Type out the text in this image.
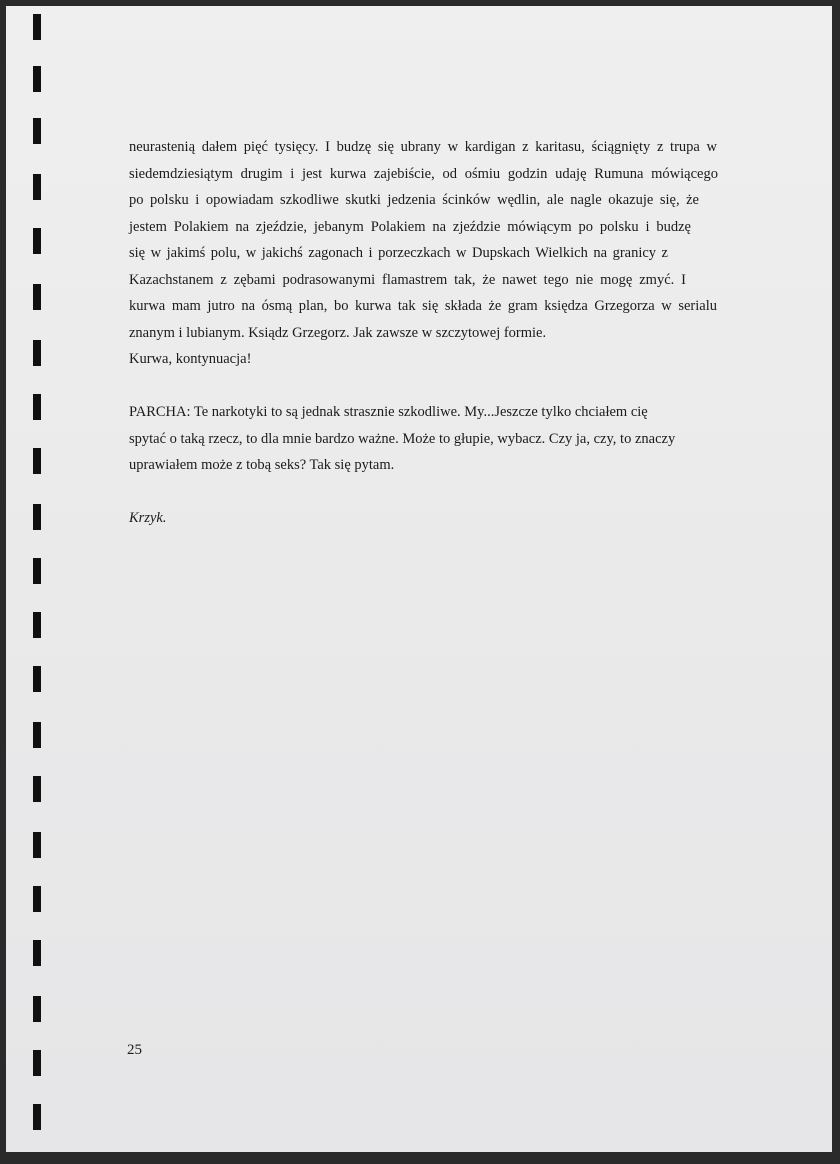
neurastenią dałem pięć tysięcy. I budzę się ubrany w kardigan z karitasu, ściągnięty z trupa w
siedemdziesiątym drugim i jest kurwa zajebiście, od ośmiu godzin udaję Rumuna mówiącego
po polsku i opowiadam szkodliwe skutki jedzenia ścinków wędlin, ale nagle okazuje się, że
jestem Polakiem na zjeździe, jebanym Polakiem na zjeździe mówiącym po polsku i budzę
się w jakimś polu, w jakichś zagonach i porzeczkach w Dupskach Wielkich na granicy z
Kazachstanem z zębami podrasowanymi flamastrem tak, że nawet tego nie mogę zmyć. I
kurwa mam jutro na ósmą plan, bo kurwa tak się składa że gram księdza Grzegorza w serialu
znanym i lubianym. Ksiądz Grzegorz. Jak zawsze w szczytowej formie.
Kurwa, kontynuacja!
PARCHA: Te narkotyki to są jednak strasznie szkodliwe. My...Jeszcze tylko chciałem cię
spytać o taką rzecz, to dla mnie bardzo ważne. Może to głupie, wybacz. Czy ja, czy, to znaczy
uprawiałem może z tobą seks? Tak się pytam.
Krzyk.
25
